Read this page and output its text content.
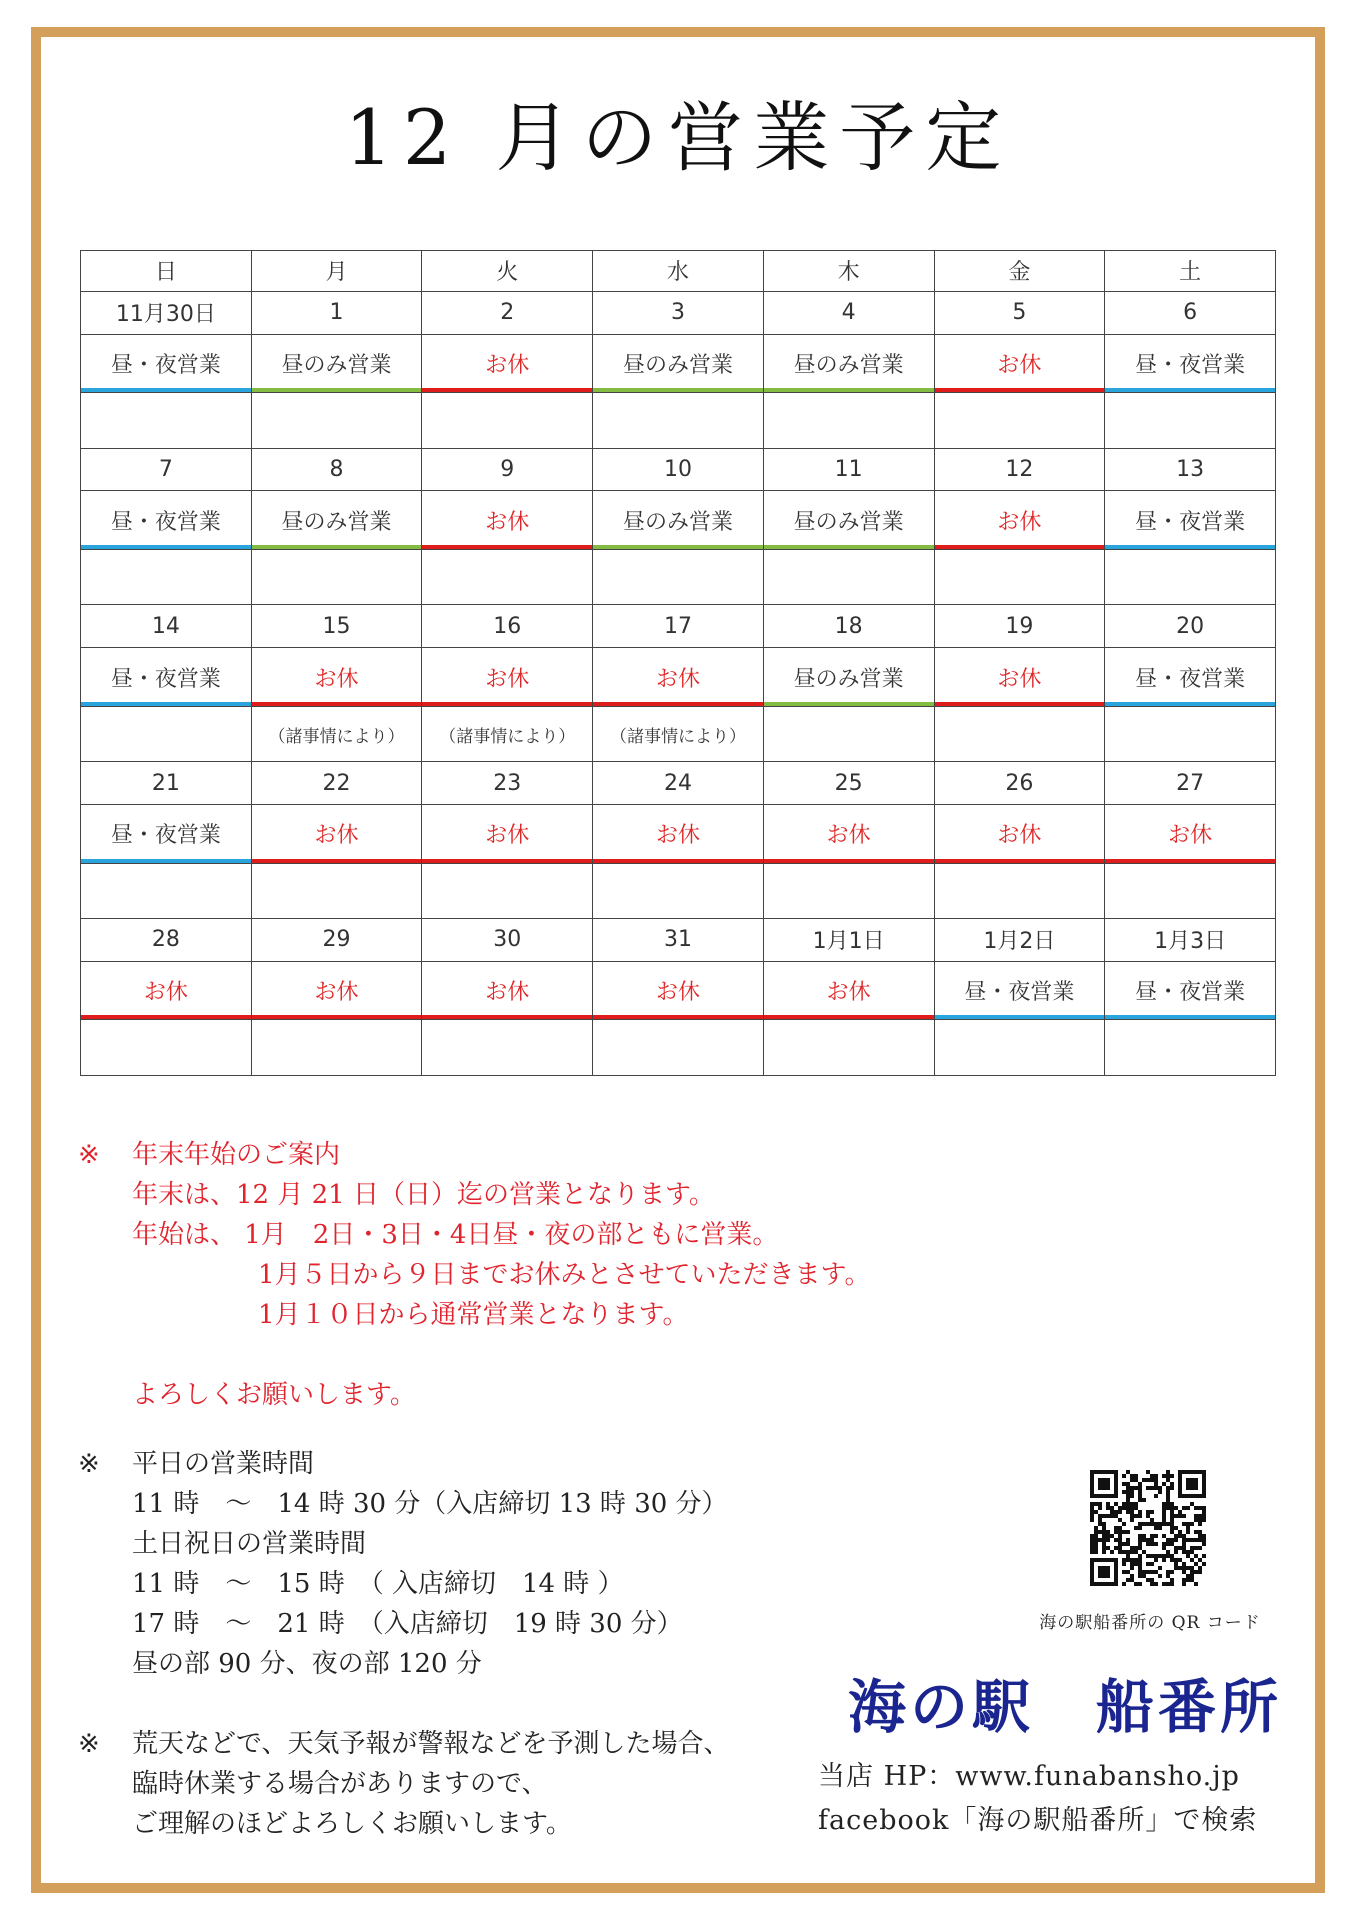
12 月の営業予定
日	月	火	水	木	金	土
11月30日	1	2	3	4	5	6
昼・夜営業	昼のみ営業	お休	昼のみ営業	昼のみ営業	お休	昼・夜営業

7	8	9	10	11	12	13
昼・夜営業	昼のみ営業	お休	昼のみ営業	昼のみ営業	お休	昼・夜営業

14	15	16	17	18	19	20
昼・夜営業	お休	お休	お休	昼のみ営業	お休	昼・夜営業

	（諸事情により）	（諸事情により）	（諸事情により）			
21	22	23	24	25	26	27
昼・夜営業	お休	お休	お休	お休	お休	お休

28	29	30	31	1月1日	1月2日	1月3日
お休	お休	お休	お休	お休	昼・夜営業	昼・夜営業

※ 年末年始のご案内
年末は、12 月 21 日（日）迄の営業となります。
年始は、 1月　2日・3日・4日昼・夜の部ともに営業。
1月５日から９日までお休みとさせていただきます。
1月１０日から通常営業となります。
よろしくお願いします。
※ 平日の営業時間
11 時　～　14 時 30 分（入店締切 13 時 30 分）
土日祝日の営業時間
11 時　～　15 時　（ 入店締切　14 時 ）
17 時　～　21 時　（入店締切　19 時 30 分）
昼の部 90 分、夜の部 120 分
※ 荒天などで、天気予報が警報などを予測した場合、
臨時休業する場合がありますので、
ご理解のほどよろしくお願いします。
海の駅船番所の QR コード
海の駅　船番所
当店 HP：www.funabansho.jp
facebook「海の駅船番所」で検索
